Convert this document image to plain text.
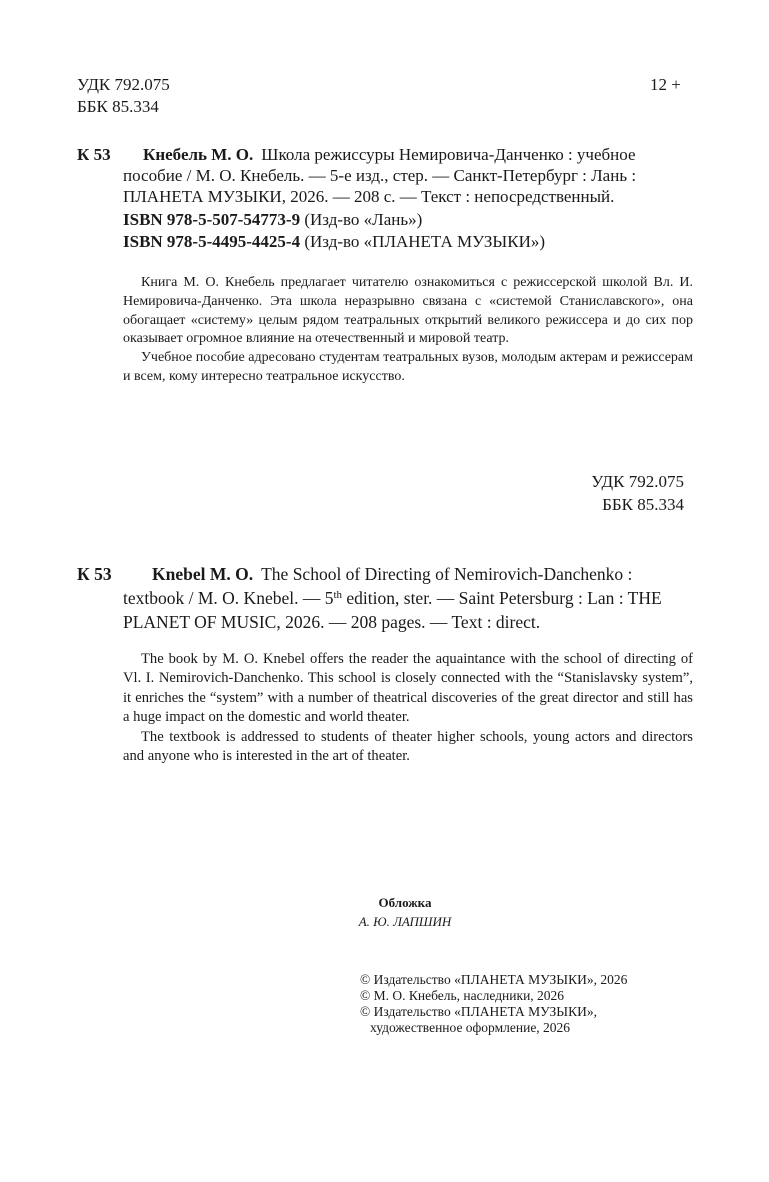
УДК 792.075
ББК 85.334
12 +
К 53	Кнебель М. О. Школа режиссуры Немировича-Данченко : учебное
пособие / М. О. Кнебель. — 5-е изд., стер. — Санкт-Петербург : Лань :
ПЛАНЕТА МУЗЫКИ, 2026. — 208 с. — Текст : непосредственный.
ISBN 978-5-507-54773-9 (Изд-во «Лань»)
ISBN 978-5-4495-4425-4 (Изд-во «ПЛАНЕТА МУЗЫКИ»)

Книга М. О. Кнебель предлагает читателю ознакомиться с режиссерской школой Вл. И. Немировича-Данченко. Эта школа неразрывно связана с «системой Станиславского», она обогащает «систему» целым рядом театральных открытий великого режиссера и до сих пор оказывает огромное влияние на отечественный и мировой театр.

Учебное пособие адресовано студентам театральных вузов, молодым актерам и режиссерам и всем, кому интересно театральное искусство.

УДК 792.075
ББК 85.334
К 53	Knebel M. O. The School of Directing of Nemirovich-Danchenko :
textbook / M. O. Knebel. — 5th edition, ster. — Saint Petersburg : Lan : THE
PLANET OF MUSIC, 2026. — 208 pages. — Text : direct.

The book by M. O. Knebel offers the reader the aquaintance with the school of directing of Vl. I. Nemirovich-Danchenko. This school is closely connected with the “Stanislavsky system”, it enriches the “system” with a number of theatrical discoveries of the great director and still has a huge impact on the domestic and world theater.

The textbook is addressed to students of theater higher schools, young actors and directors and anyone who is interested in the art of theater.

Обложка
А. Ю. ЛАПШИН
© Издательство «ПЛАНЕТА МУЗЫКИ», 2026
© М. О. Кнебель, наследники, 2026
© Издательство «ПЛАНЕТА МУЗЫКИ»,
художественное оформление, 2026
